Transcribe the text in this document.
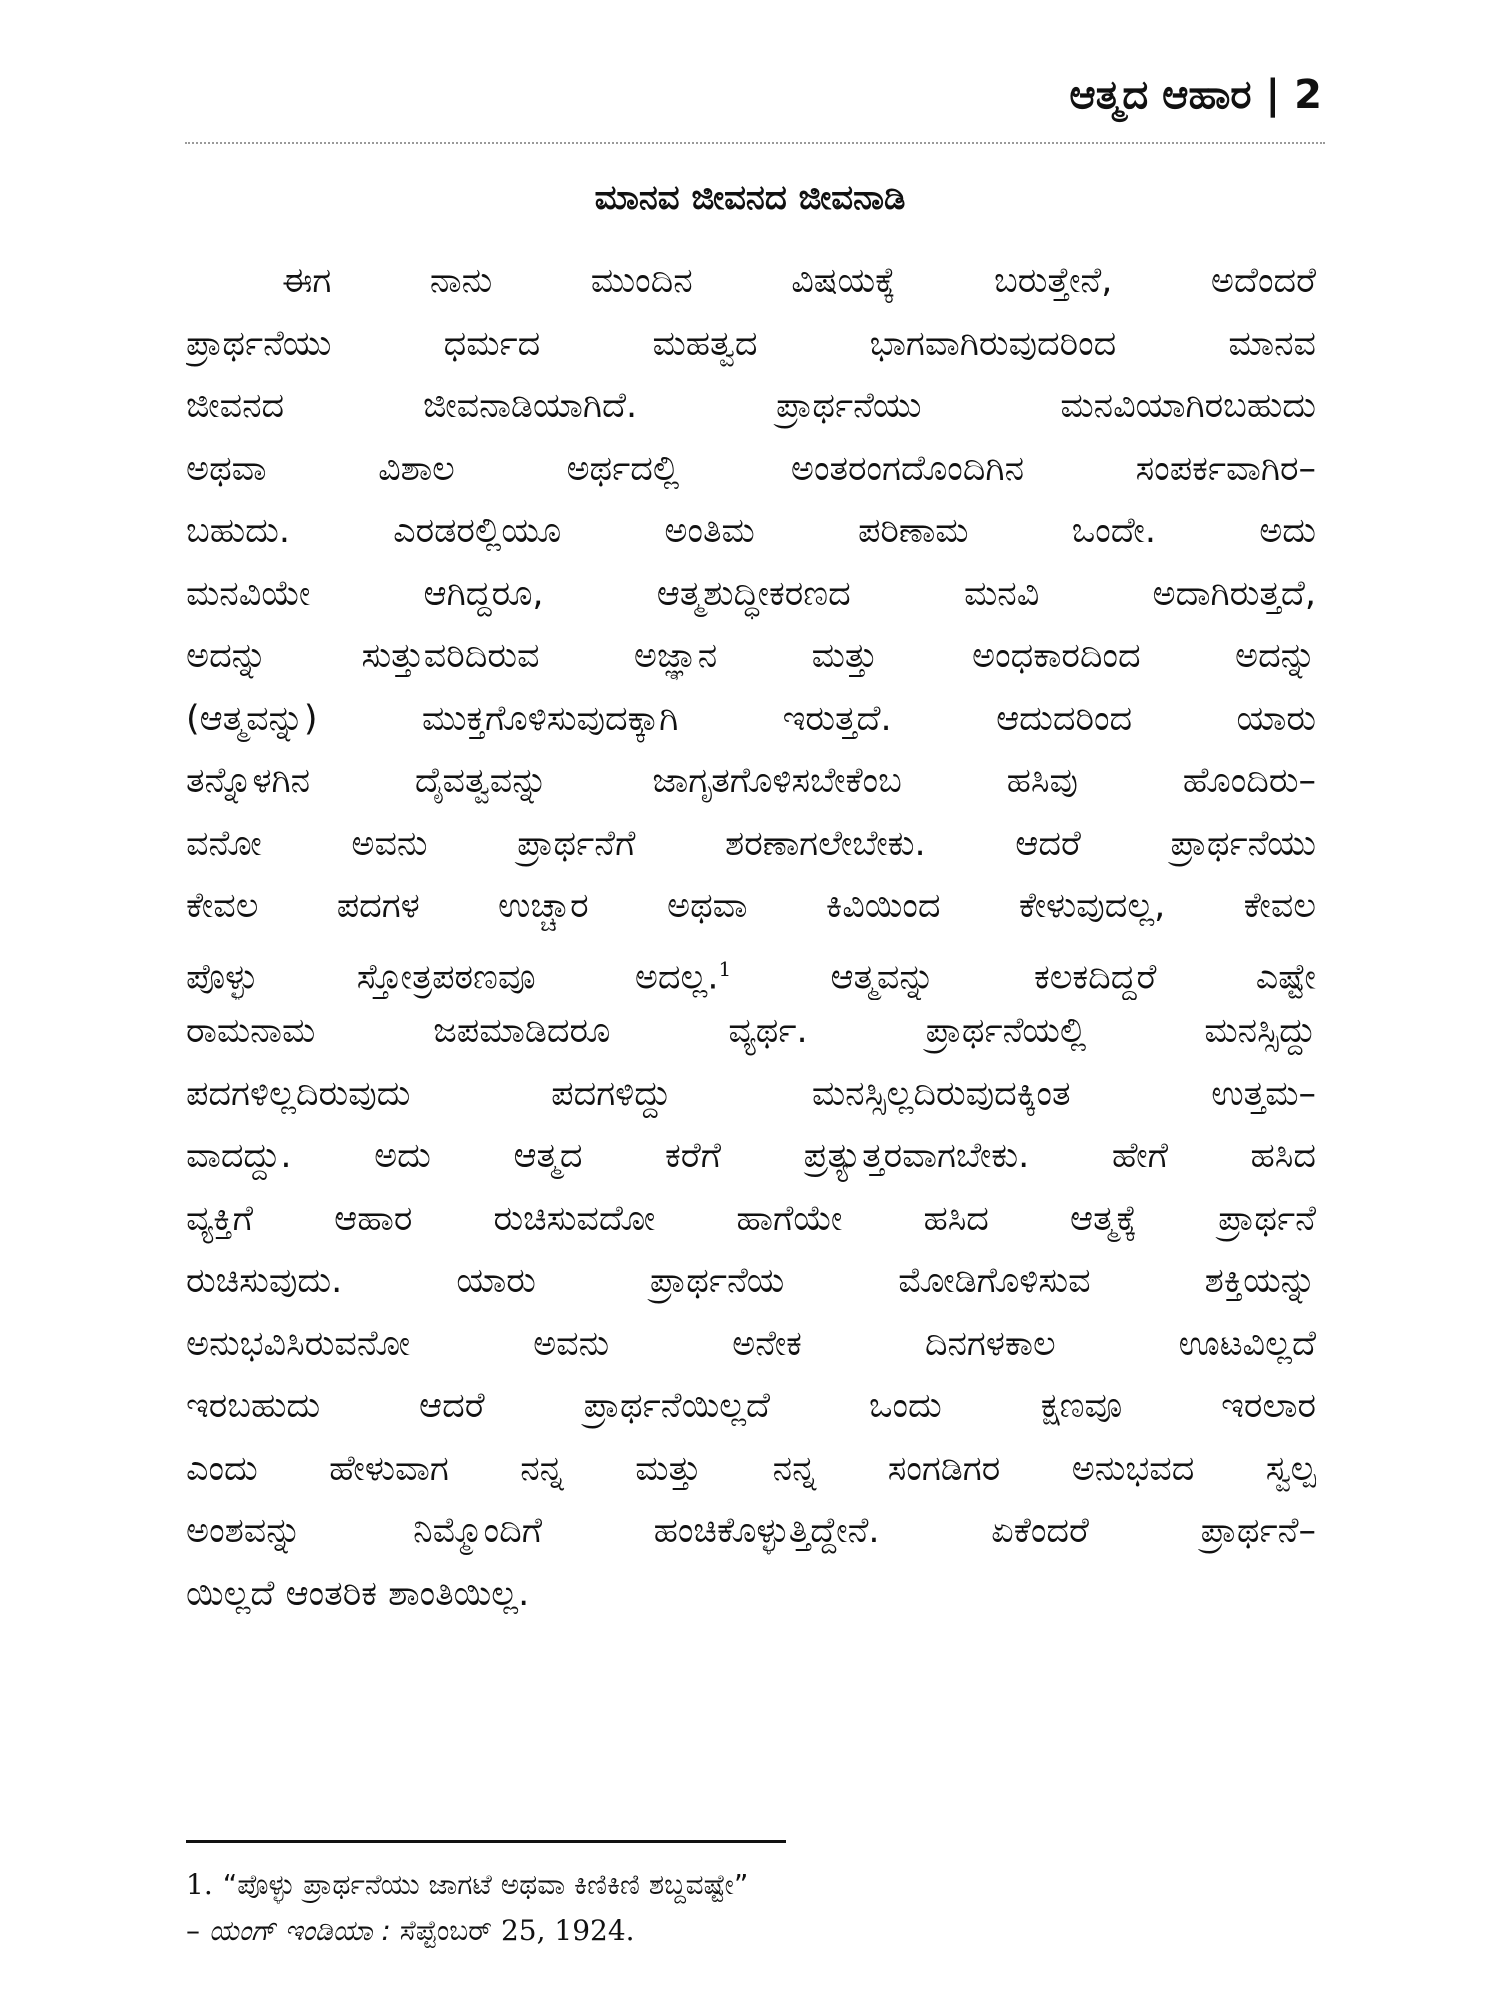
ಆತ್ಮದ ಆಹಾರ | 2
ಮಾನವ ಜೀವನದ ಜೀವನಾಡಿ
ಈಗ ನಾನು ಮುಂದಿನ ವಿಷಯಕ್ಕೆ ಬರುತ್ತೇನೆ, ಅದೆಂದರೆ
ಪ್ರಾರ್ಥನೆಯು ಧರ್ಮದ ಮಹತ್ವದ ಭಾಗವಾಗಿರುವುದರಿಂದ ಮಾನವ
ಜೀವನದ ಜೀವನಾಡಿಯಾಗಿದೆ. ಪ್ರಾರ್ಥನೆಯು ಮನವಿಯಾಗಿರಬಹುದು
ಅಥವಾ ವಿಶಾಲ ಅರ್ಥದಲ್ಲಿ ಅಂತರಂಗದೊಂದಿಗಿನ ಸಂಪರ್ಕವಾಗಿರ–
ಬಹುದು. ಎರಡರಲ್ಲಿಯೂ ಅಂತಿಮ ಪರಿಣಾಮ ಒಂದೇ. ಅದು
ಮನವಿಯೇ ಆಗಿದ್ದರೂ, ಆತ್ಮಶುದ್ಧೀಕರಣದ ಮನವಿ ಅದಾಗಿರುತ್ತದೆ,
ಅದನ್ನು ಸುತ್ತುವರಿದಿರುವ ಅಜ್ಞಾನ ಮತ್ತು ಅಂಧಕಾರದಿಂದ ಅದನ್ನು
(ಆತ್ಮವನ್ನು) ಮುಕ್ತಗೊಳಿಸುವುದಕ್ಕಾಗಿ ಇರುತ್ತದೆ. ಆದುದರಿಂದ ಯಾರು
ತನ್ನೊಳಗಿನ ದೈವತ್ವವನ್ನು ಜಾಗೃತಗೊಳಿಸಬೇಕೆಂಬ ಹಸಿವು ಹೊಂದಿರು–
ವನೋ ಅವನು ಪ್ರಾರ್ಥನೆಗೆ ಶರಣಾಗಲೇಬೇಕು. ಆದರೆ ಪ್ರಾರ್ಥನೆಯು
ಕೇವಲ ಪದಗಳ ಉಚ್ಚಾರ ಅಥವಾ ಕಿವಿಯಿಂದ ಕೇಳುವುದಲ್ಲ, ಕೇವಲ
ಪೊಳ್ಳು ಸ್ತೋತ್ರಪಠಣವೂ ಅದಲ್ಲ.$^1$	ಆತ್ಮವನ್ನು ಕಲಕದಿದ್ದರೆ ಎಷ್ಟೇ
ರಾಮನಾಮ ಜಪಮಾಡಿದರೂ ವ್ಯರ್ಥ. ಪ್ರಾರ್ಥನೆಯಲ್ಲಿ ಮನಸ್ಸಿದ್ದು
ಪದಗಳಿಲ್ಲದಿರುವುದು ಪದಗಳಿದ್ದು ಮನಸ್ಸಿಲ್ಲದಿರುವುದಕ್ಕಿಂತ ಉತ್ತಮ–
ವಾದದ್ದು. ಅದು ಆತ್ಮದ ಕರೆಗೆ ಪ್ರತ್ಯುತ್ತರವಾಗಬೇಕು. ಹೇಗೆ ಹಸಿದ
ವ್ಯಕ್ತಿಗೆ ಆಹಾರ ರುಚಿಸುವದೋ ಹಾಗೆಯೇ ಹಸಿದ ಆತ್ಮಕ್ಕೆ ಪ್ರಾರ್ಥನೆ
ರುಚಿಸುವುದು. ಯಾರು ಪ್ರಾರ್ಥನೆಯ ಮೋಡಿಗೊಳಿಸುವ ಶಕ್ತಿಯನ್ನು
ಅನುಭವಿಸಿರುವನೋ ಅವನು ಅನೇಕ ದಿನಗಳಕಾಲ ಊಟವಿಲ್ಲದೆ
ಇರಬಹುದು ಆದರೆ ಪ್ರಾರ್ಥನೆಯಿಲ್ಲದೆ ಒಂದು ಕ್ಷಣವೂ ಇರಲಾರ
ಎಂದು ಹೇಳುವಾಗ ನನ್ನ ಮತ್ತು ನನ್ನ ಸಂಗಡಿಗರ ಅನುಭವದ ಸ್ವಲ್ಪ
ಅಂಶವನ್ನು ನಿಮ್ಮೊಂದಿಗೆ ಹಂಚಿಕೊಳ್ಳುತ್ತಿದ್ದೇನೆ. ಏಕೆಂದರೆ ಪ್ರಾರ್ಥನೆ–
ಯಿಲ್ಲದೆ ಆಂತರಿಕ ಶಾಂತಿಯಿಲ್ಲ.
1. “ಪೊಳ್ಳು ಪ್ರಾರ್ಥನೆಯು ಜಾಗಟೆ ಅಥವಾ ಕಿಣಿಕಿಣಿ ಶಬ್ದವಷ್ಟೇ”
– ಯಂಗ್ ಇಂಡಿಯಾ : ಸೆಪ್ಟೆಂಬರ್ 25, 1924.
